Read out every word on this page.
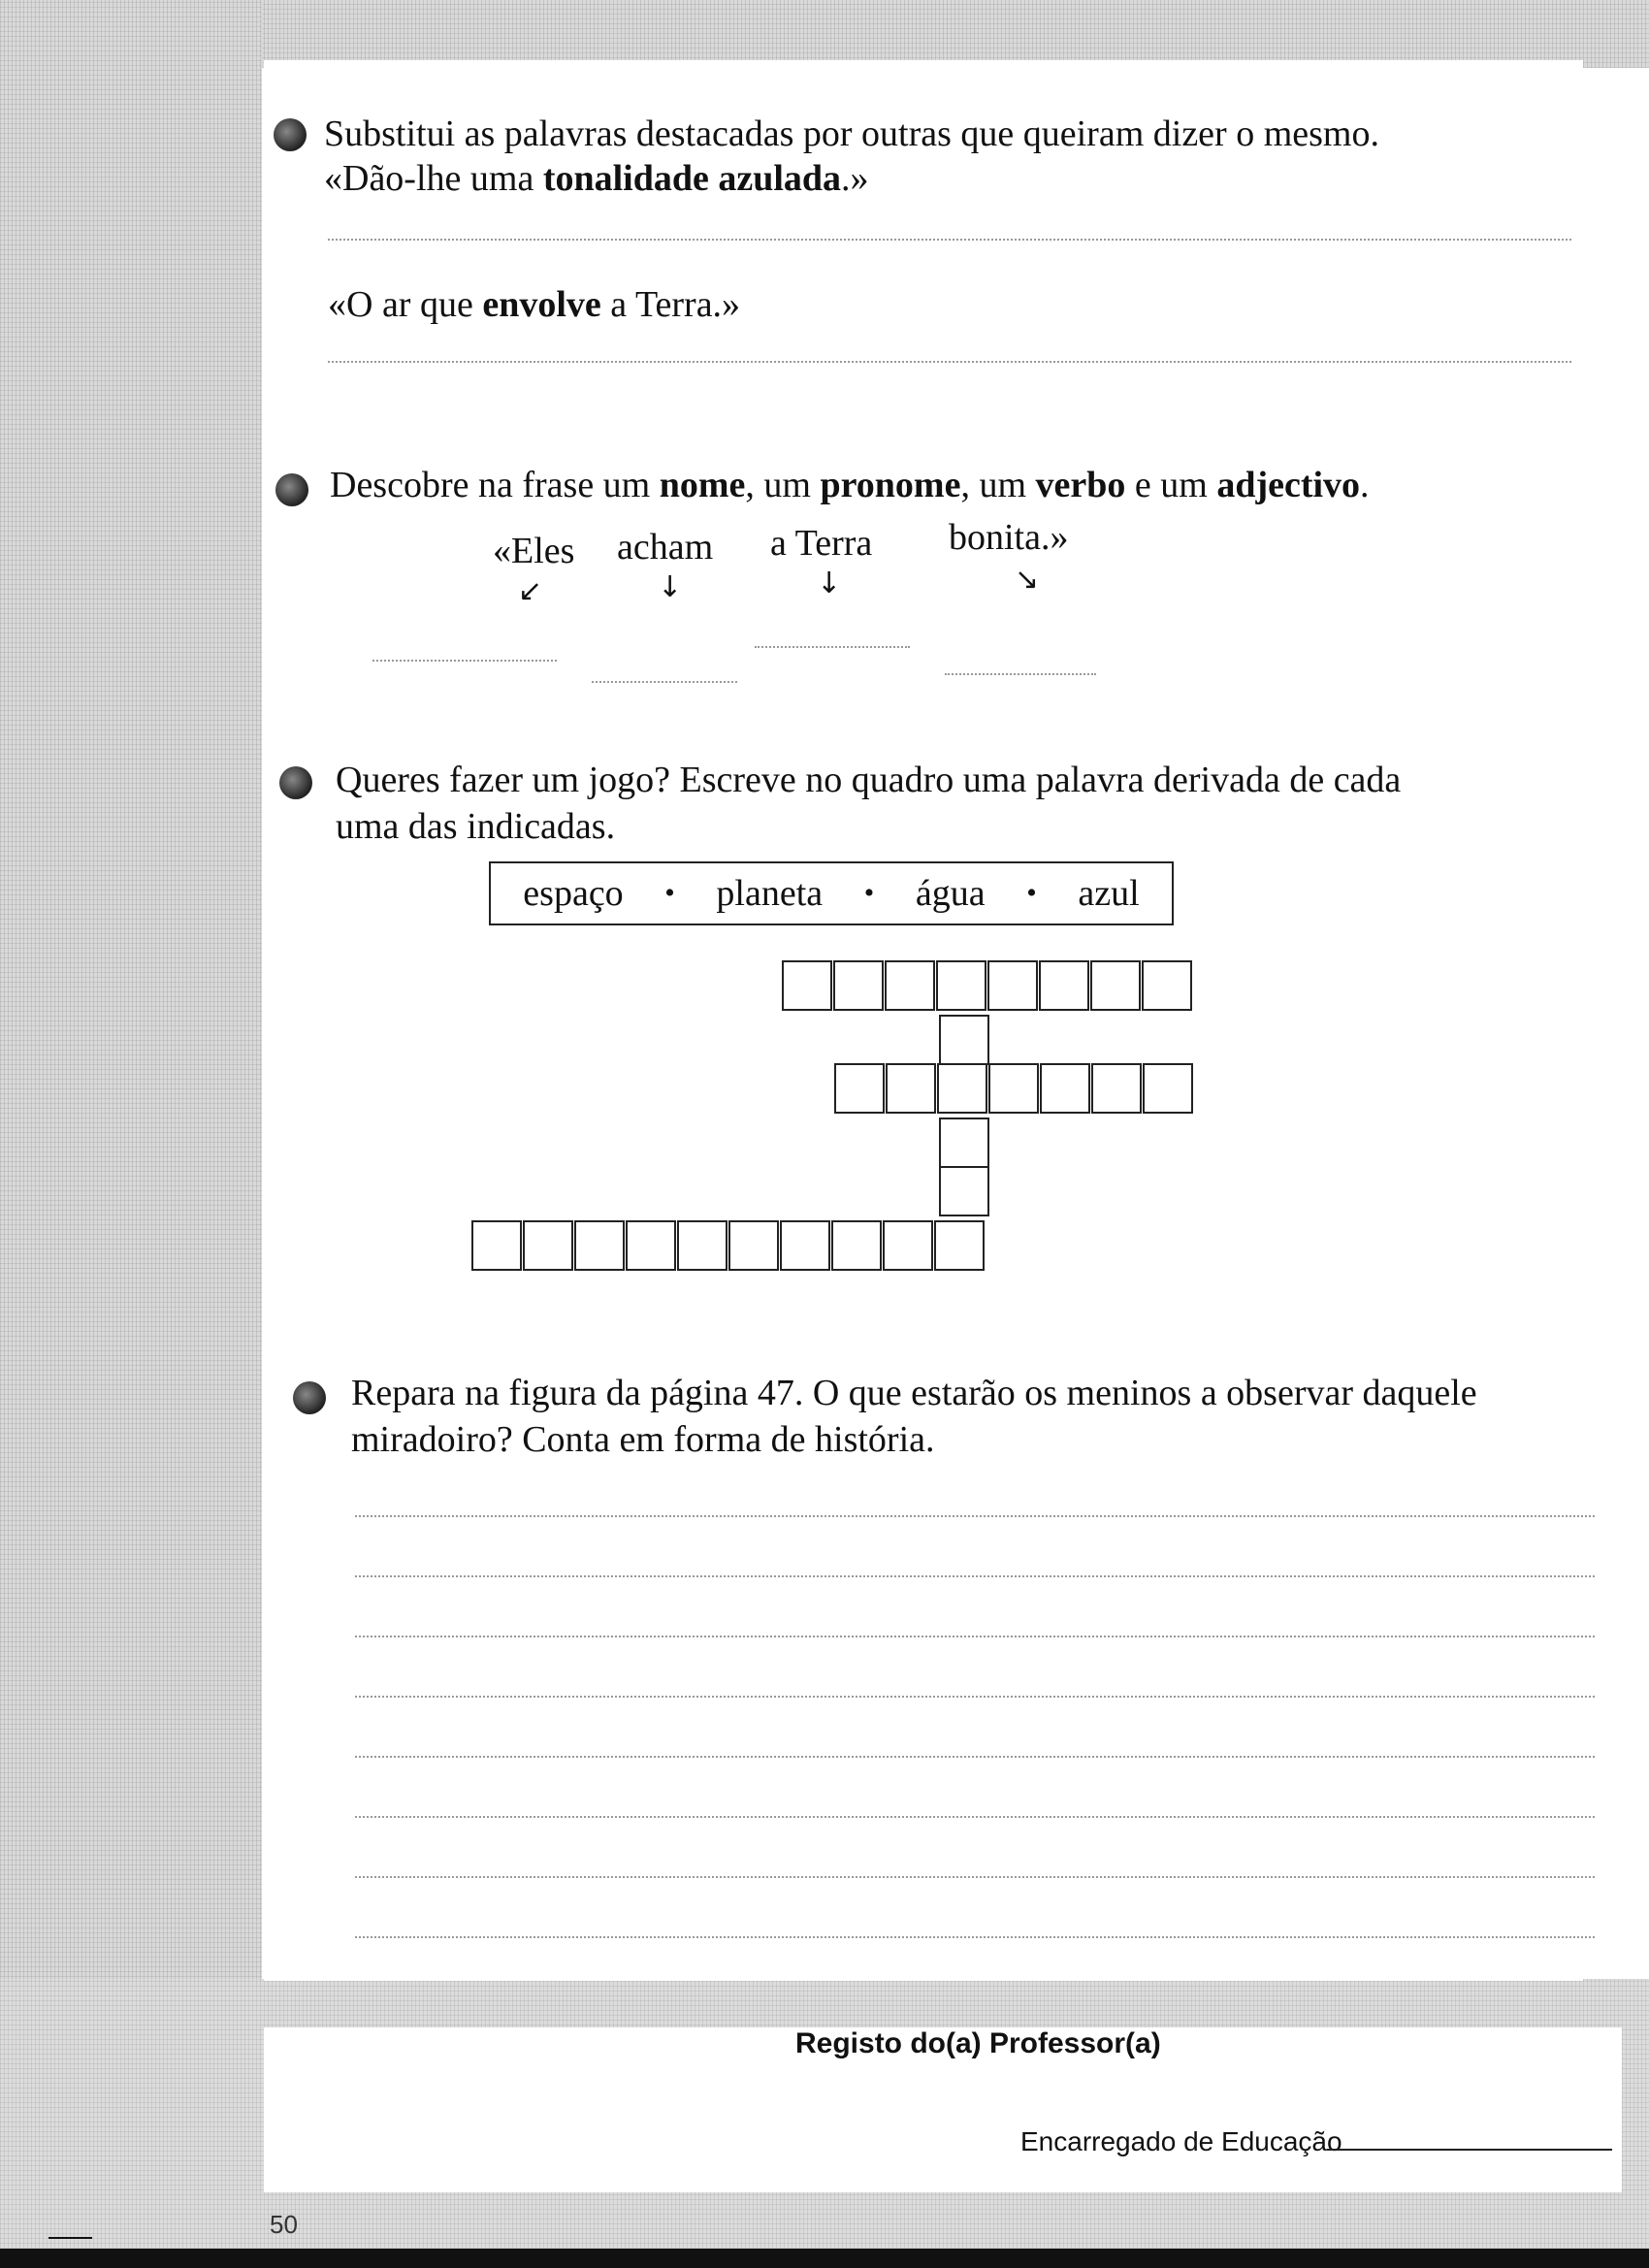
Substitui as palavras destacadas por outras que queiram dizer o mesmo.
«Dão-lhe uma tonalidade azulada.»
«O ar que envolve a Terra.»
Descobre na frase um nome, um pronome, um verbo e um adjectivo.
«Eles acham a Terra bonita.»
↙	↓	↓	↘
Queres fazer um jogo? Escreve no quadro uma palavra derivada de cada
uma das indicadas.
espaço • planeta • água • azul
Repara na figura da página 47. O que estarão os meninos a observar daquele
miradoiro? Conta em forma de história.
Registo do(a) Professor(a)
Encarregado de Educação
50
